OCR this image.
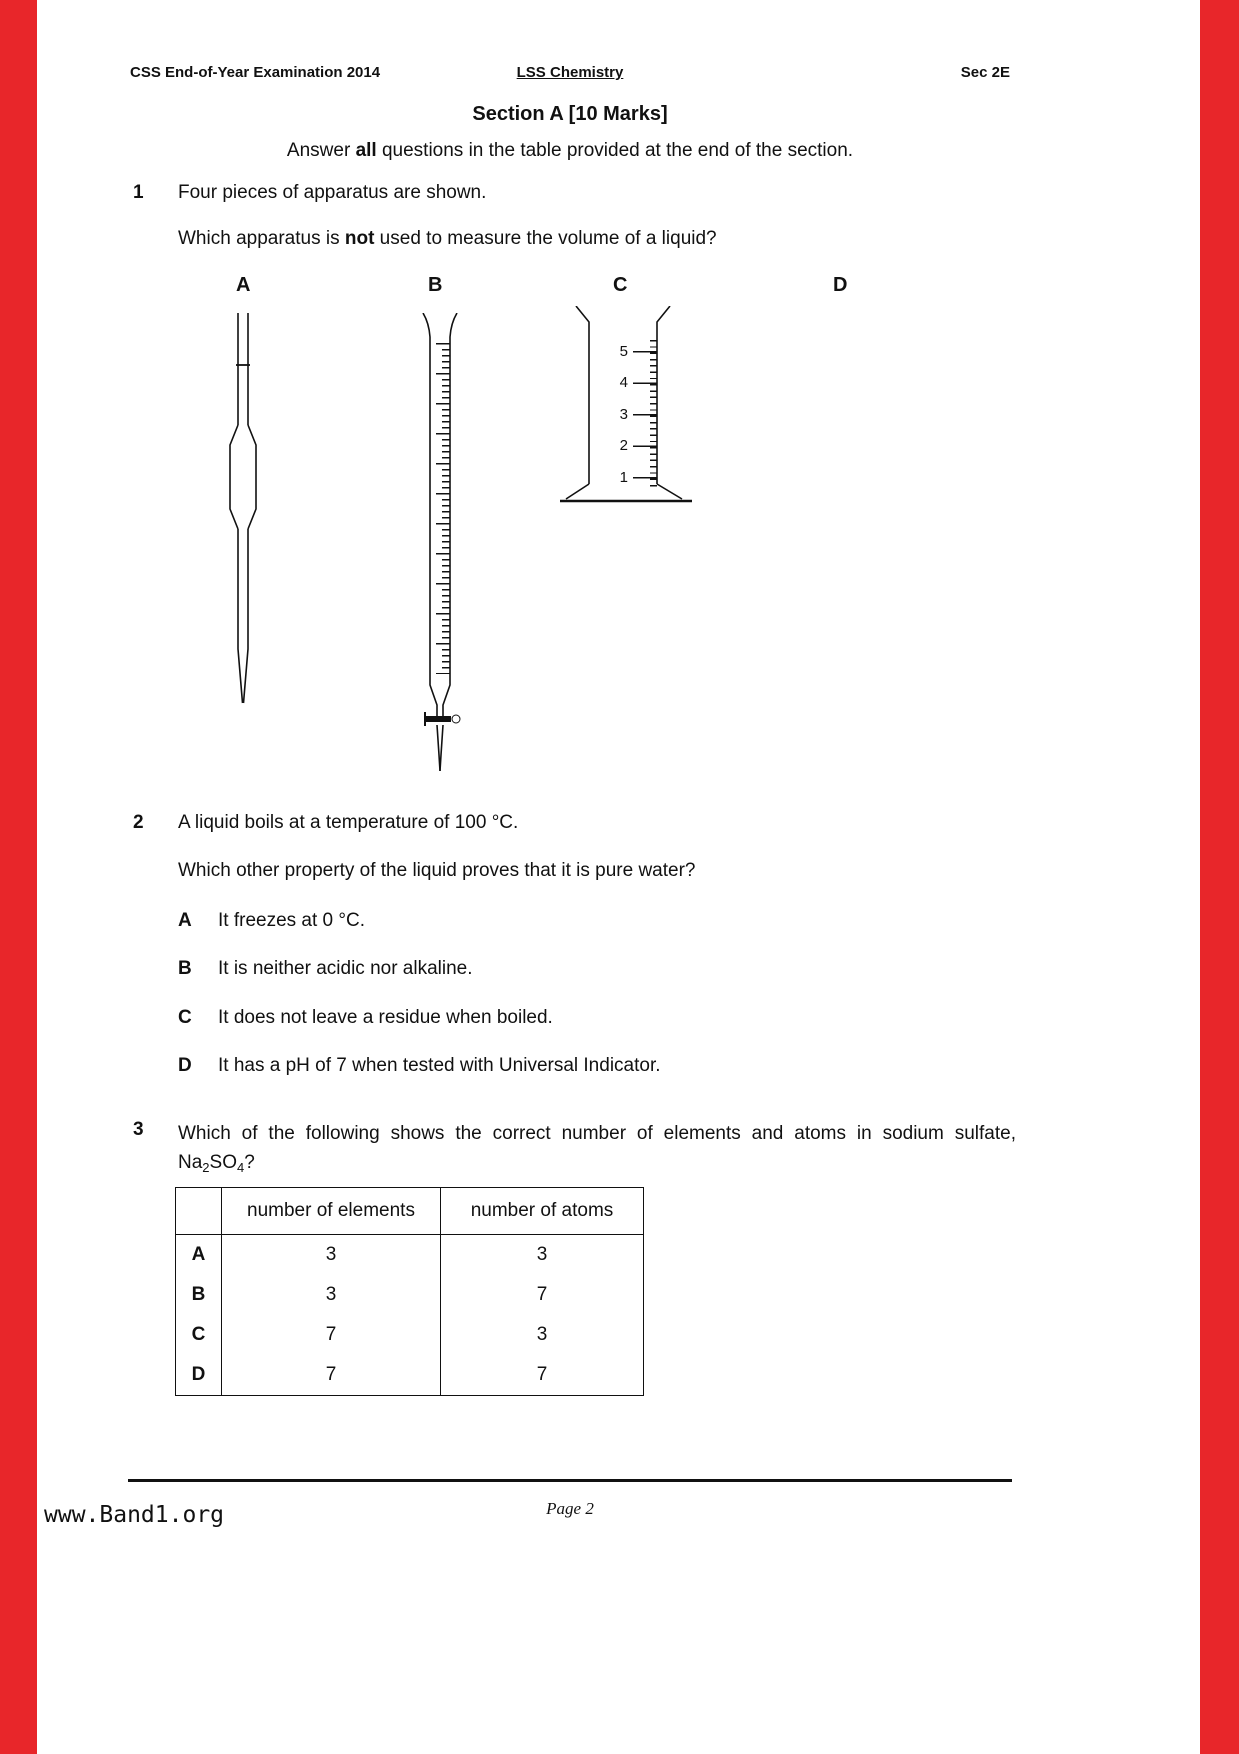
CSS End-of-Year Examination 2014	LSS Chemistry	Sec 2E
Section A [10 Marks]
Answer all questions in the table provided at the end of the section.
1 Four pieces of apparatus are shown.
Which apparatus is not used to measure the volume of a liquid?
A	B	C	D
5
4
3
2
1
2 A liquid boils at a temperature of 100 °C.
Which other property of the liquid proves that it is pure water?
A It freezes at 0 °C.
B It is neither acidic nor alkaline.
C It does not leave a residue when boiled.
D It has a pH of 7 when tested with Universal Indicator.
3 Which of the following shows the correct number of elements and atoms in sodium sulfate, $Na_2SO_4$?
	number of elements	number of atoms
A	3	3
B	3	7
C	7	3
D	7	7
Page 2
www.Band1.org
